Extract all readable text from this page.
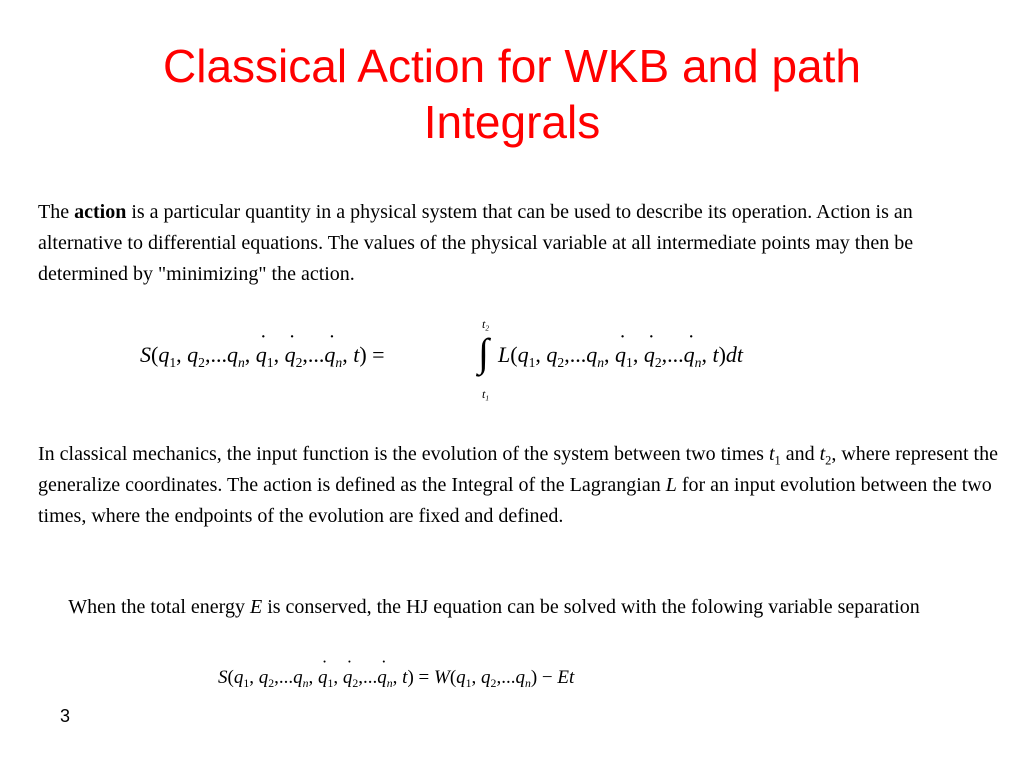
Classical Action for WKB and path
Integrals
The action is a particular quantity in a physical system that can be used to describe its operation. Action is an alternative to differential equations. The values of the physical variable at all intermediate points may then be determined by "minimizing" the action.
$S(q_1$, $q_2,...q_n$, q $˙_1$, q $˙_2,...q$ $˙_n$, t) =
$t_2$
∫
$t_1$
$L(q_1$, $q_2,...q_n$, q $˙_1$, q $˙_2,...q$ $˙_n$, t)dt
In classical mechanics, the input function is the evolution of the system between two times $t_1$ and $t_2$, where represent the generalize coordinates. The action is defined as the Integral of the Lagrangian L for an input evolution between the two times, where the endpoints of the evolution are fixed and defined.
When the total energy E is conserved, the HJ equation can be solved with the folowing variable separation
$S(q_1$, $q_2,...q_n$, q $˙_1$, q $˙_2,...q$ $˙_n$, $t) = W(q_1$, $q_2,...q_n) - Et$
3
